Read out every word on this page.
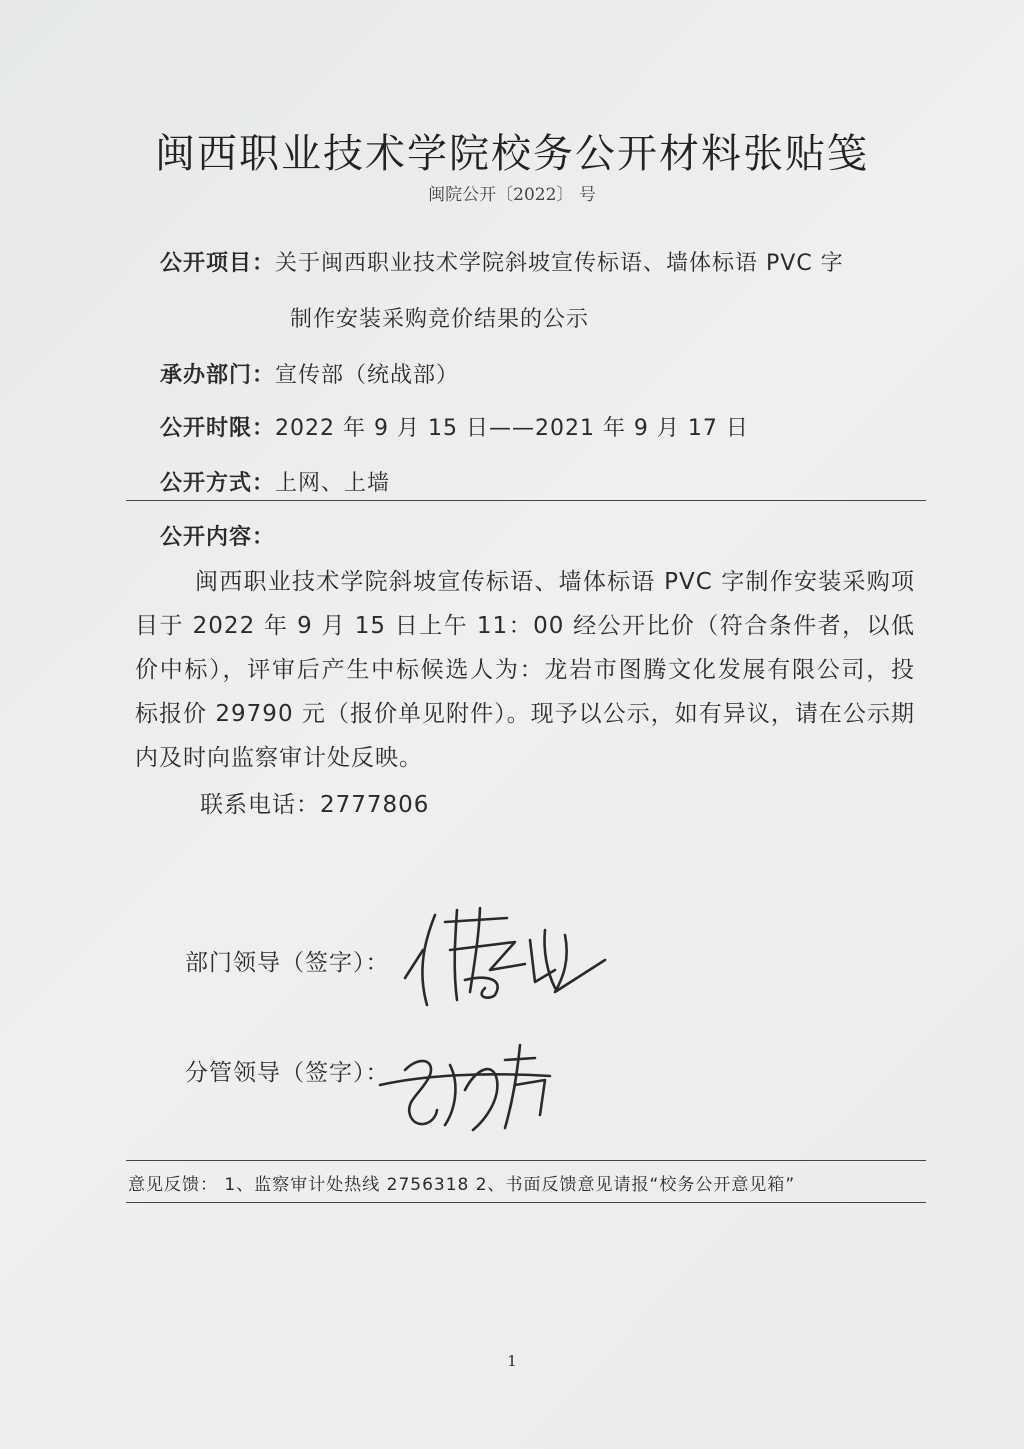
闽西职业技术学院校务公开材料张贴笺
闽院公开〔2022〕 号
公开项目：关于闽西职业技术学院斜坡宣传标语、墙体标语 PVC 字
制作安装采购竞价结果的公示
承办部门：宣传部（统战部）
公开时限：2022 年 9 月 15 日——2021 年 9 月 17 日
公开方式：上网、上墙
公开内容：
闽西职业技术学院斜坡宣传标语、墙体标语 PVC 字制作安装采购项目于 2022 年 9 月 15 日上午 11：00 经公开比价（符合条件者，以低价中标），评审后产生中标候选人为：龙岩市图腾文化发展有限公司，投标报价 29790 元（报价单见附件）。现予以公示，如有异议，请在公示期内及时向监察审计处反映。
联系电话：2777806
部门领导（签字）：
分管领导（签字）：
意见反馈： 1、监察审计处热线 2756318 2、书面反馈意见请报“校务公开意见箱”
1
